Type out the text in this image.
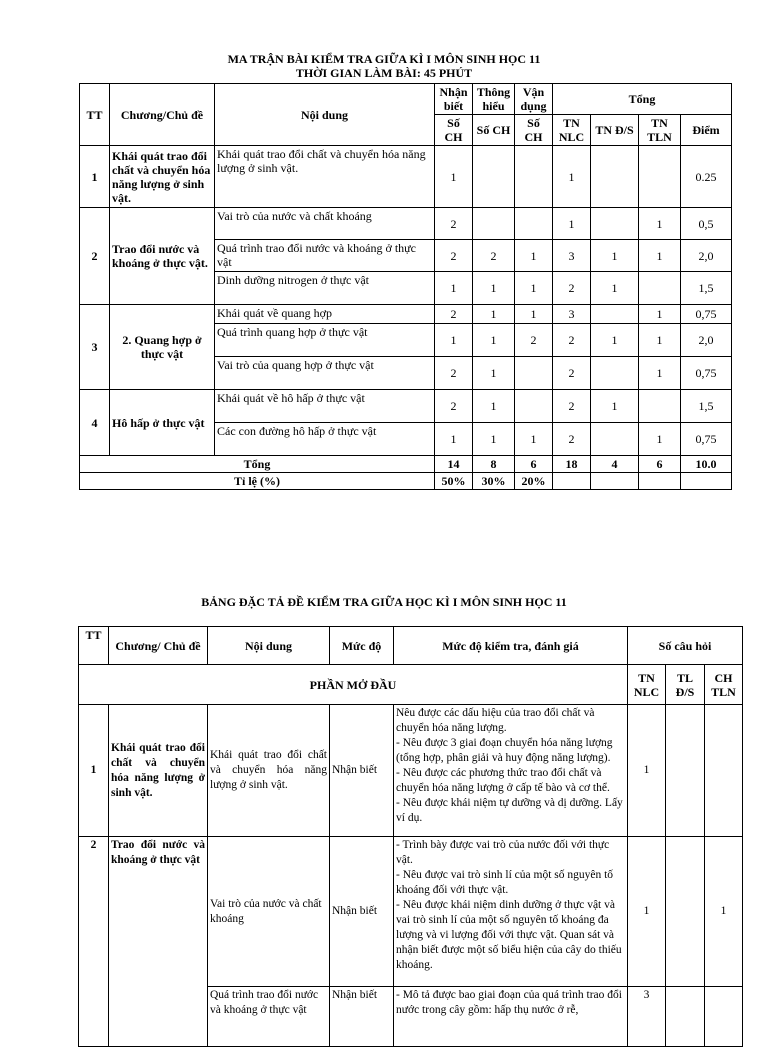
MA TRẬN BÀI KIỂM TRA GIỮA KÌ I MÔN SINH HỌC 11
THỜI GIAN LÀM BÀI: 45 PHÚT
TT	Chương/Chủ đề	Nội dung	Nhận biết	Thông hiểu	Vận dụng	Tổng			
			Số CH	Số CH	Số CH	TN NLC	TN Đ/S	TN TLN	Điểm
1	Khái quát trao đổi chất và chuyển hóa năng lượng ở sinh vật.	Khái quát trao đổi chất và chuyển hóa năng lượng ở sinh vật.	1			1			0.25
2	Trao đổi nước và khoáng ở thực vật.	Vai trò của nước và chất khoáng	2			1		1	0,5
		Quá trình trao đổi nước và khoáng ở thực vật	2	2	1	3	1	1	2,0
		Dinh dưỡng nitrogen ở thực vật	1	1	1	2	1		1,5
3	2. Quang hợp ở thực vật	Khái quát về quang hợp	2	1	1	3		1	0,75
		Quá trình quang hợp ở thực vật	1	1	2	2	1	1	2,0
		Vai trò của quang hợp ở thực vật	2	1		2		1	0,75
4	Hô hấp ở thực vật	Khái quát về hô hấp ở thực vật	2	1		2	1		1,5
		Các con đường hô hấp ở thực vật	1	1	1	2		1	0,75
Tổng			14	8	6	18	4	6	10.0
Tỉ lệ (%)			50%	30%	20%				
BẢNG ĐẶC TẢ ĐỀ KIỂM TRA GIỮA HỌC KÌ I MÔN SINH HỌC 11
TT	Chương/ Chủ đề	Nội dung	Mức độ	Mức độ kiểm tra, đánh giá	Số câu hỏi		
PHẦN MỞ ĐẦU					TN NLC	TL Đ/S	CH TLN
1	Khái quát trao đổi chất và chuyển hóa năng lượng ở sinh vật.	Khái quát trao đổi chất và chuyển hóa năng lượng ở sinh vật.	Nhận biết	Nêu được các dấu hiệu của trao đổi chất và chuyển hóa năng lượng.
- Nêu được 3 giai đoạn chuyển hóa năng lượng (tổng hợp, phân giải và huy động năng lượng).
- Nêu được các phương thức trao đổi chất và chuyển hóa năng lượng ở cấp tế bào và cơ thể.
- Nêu được khái niệm tự dưỡng và dị dưỡng. Lấy ví dụ.	1		
2	Trao đổi nước và khoáng ở thực vật	Vai trò của nước và chất khoáng	Nhận biết	- Trình bày được vai trò của nước đối với thực vật.
- Nêu được vai trò sinh lí của một số nguyên tố khoáng đối với thực vật.
- Nêu được khái niệm dinh dưỡng ở thực vật và vai trò sinh lí của một số nguyên tố khoáng đa lượng và vi lượng đối với thực vật. Quan sát và nhận biết được một số biểu hiện của cây do thiếu khoáng.	1		1
		Quá trình trao đổi nước và khoáng ở thực vật	Nhận biết	- Mô tả được bao giai đoạn của quá trình trao đổi nước trong cây gồm: hấp thụ nước ở rễ,	3		
